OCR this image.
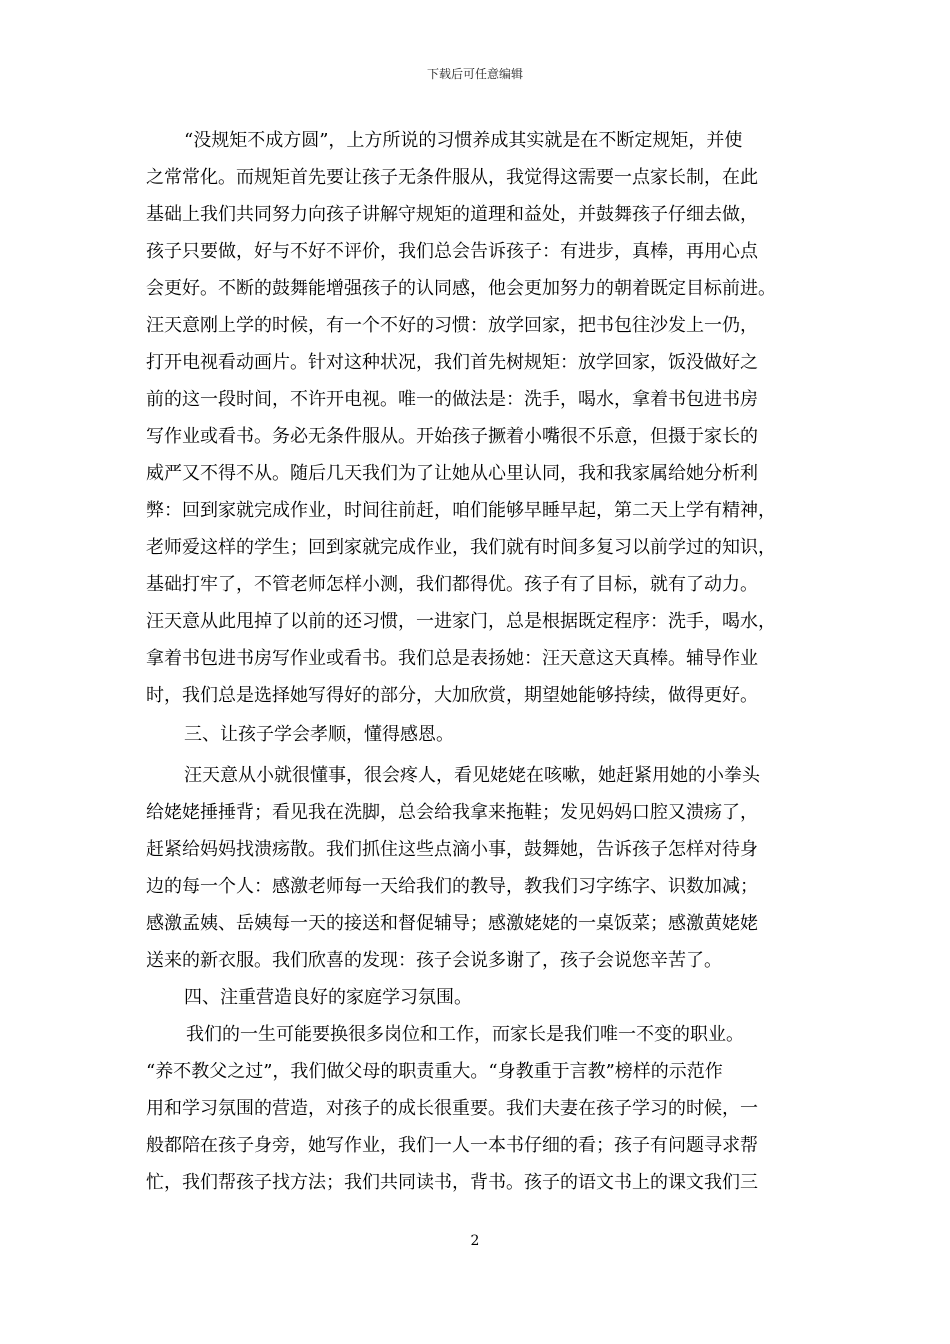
下载后可任意编辑
“没规矩不成方圆”，上方所说的习惯养成其实就是在不断定规矩，并使
之常常化。而规矩首先要让孩子无条件服从，我觉得这需要一点家长制，在此
基础上我们共同努力向孩子讲解守规矩的道理和益处，并鼓舞孩子仔细去做，
孩子只要做，好与不好不评价，我们总会告诉孩子：有进步，真棒，再用心点
会更好。不断的鼓舞能增强孩子的认同感，他会更加努力的朝着既定目标前进。
汪天意刚上学的时候，有一个不好的习惯：放学回家，把书包往沙发上一仍，
打开电视看动画片。针对这种状况，我们首先树规矩：放学回家，饭没做好之
前的这一段时间，不许开电视。唯一的做法是：洗手，喝水，拿着书包进书房
写作业或看书。务必无条件服从。开始孩子撅着小嘴很不乐意，但摄于家长的
威严又不得不从。随后几天我们为了让她从心里认同，我和我家属给她分析利
弊：回到家就完成作业，时间往前赶，咱们能够早睡早起，第二天上学有精神，
老师爱这样的学生；回到家就完成作业，我们就有时间多复习以前学过的知识，
基础打牢了，不管老师怎样小测，我们都得优。孩子有了目标，就有了动力。
汪天意从此甩掉了以前的还习惯，一进家门，总是根据既定程序：洗手，喝水，
拿着书包进书房写作业或看书。我们总是表扬她：汪天意这天真棒。辅导作业
时，我们总是选择她写得好的部分，大加欣赏，期望她能够持续，做得更好。
三、让孩子学会孝顺，懂得感恩。
汪天意从小就很懂事，很会疼人，看见姥姥在咳嗽，她赶紧用她的小拳头
给姥姥捶捶背；看见我在洗脚，总会给我拿来拖鞋；发见妈妈口腔又溃疡了，
赶紧给妈妈找溃疡散。我们抓住这些点滴小事，鼓舞她，告诉孩子怎样对待身
边的每一个人：感激老师每一天给我们的教导，教我们习字练字、识数加减；
感激孟姨、岳姨每一天的接送和督促辅导；感激姥姥的一桌饭菜；感激黄姥姥
送来的新衣服。我们欣喜的发现：孩子会说多谢了，孩子会说您辛苦了。
四、注重营造良好的家庭学习氛围。
我们的一生可能要换很多岗位和工作，而家长是我们唯一不变的职业。
“养不教父之过”，我们做父母的职责重大。“身教重于言教”榜样的示范作
用和学习氛围的营造，对孩子的成长很重要。我们夫妻在孩子学习的时候，一
般都陪在孩子身旁，她写作业，我们一人一本书仔细的看；孩子有问题寻求帮
忙，我们帮孩子找方法；我们共同读书，背书。孩子的语文书上的课文我们三
2
